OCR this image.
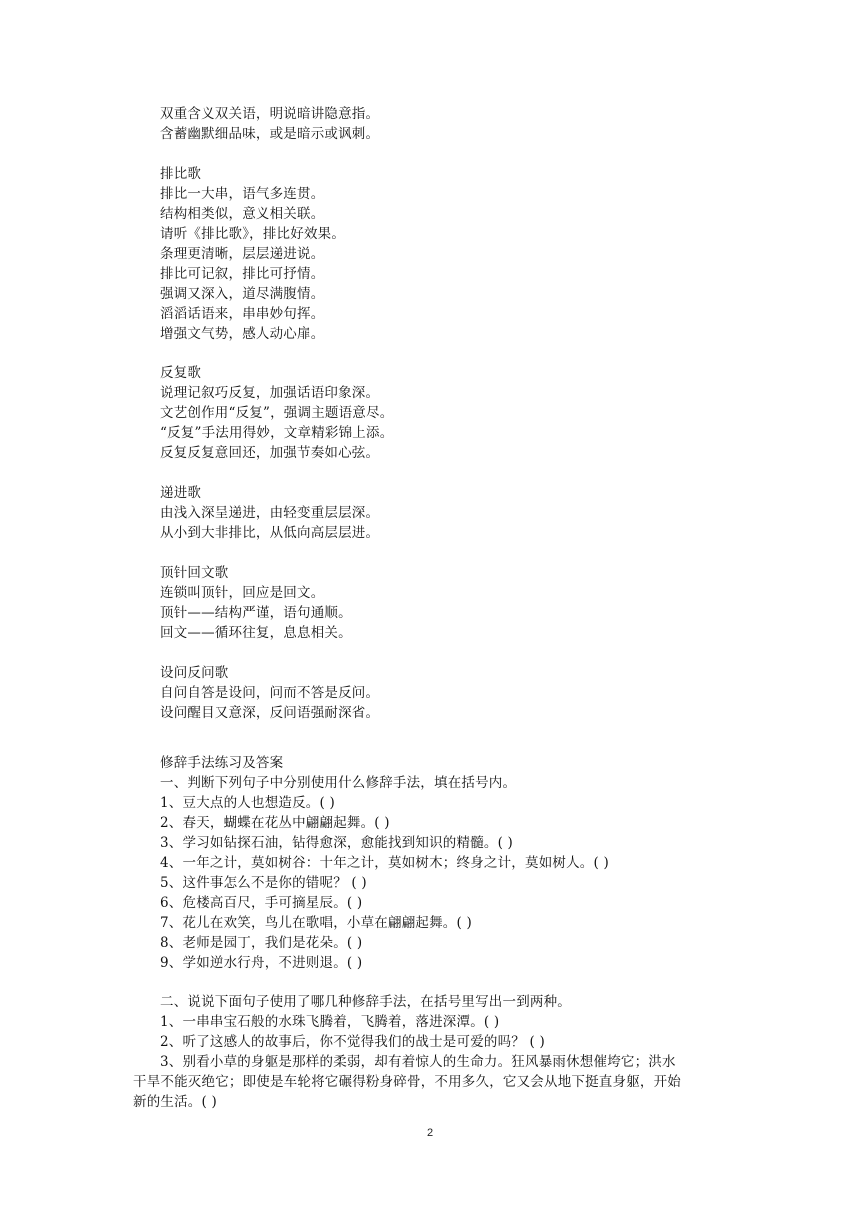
双重含义双关语，明说暗讲隐意指。
含蓄幽默细品味，或是暗示或讽刺。
排比歌
排比一大串，语气多连贯。
结构相类似，意义相关联。
请听《排比歌》，排比好效果。
条理更清晰，层层递进说。
排比可记叙，排比可抒情。
强调又深入，道尽满腹情。
滔滔话语来，串串妙句挥。
增强文气势，感人动心扉。
反复歌
说理记叙巧反复，加强话语印象深。
文艺创作用“反复”，强调主题语意尽。
“反复”手法用得妙，文章精彩锦上添。
反复反复意回还，加强节奏如心弦。
递进歌
由浅入深呈递进，由轻变重层层深。
从小到大非排比，从低向高层层进。
顶针回文歌
连锁叫顶针，回应是回文。
顶针——结构严谨，语句通顺。
回文——循环往复，息息相关。
设问反问歌
自问自答是设问，问而不答是反问。
设问醒目又意深，反问语强耐深省。
修辞手法练习及答案
一、判断下列句子中分别使用什么修辞手法，填在括号内。
1、豆大点的人也想造反。( )
2、春天，蝴蝶在花丛中翩翩起舞。( )
3、学习如钻探石油，钻得愈深，愈能找到知识的精髓。( )
4、一年之计，莫如树谷：十年之计，莫如树木；终身之计，莫如树人。( )
5、这件事怎么不是你的错呢？ ( )
6、危楼高百尺，手可摘星辰。( )
7、花儿在欢笑，鸟儿在歌唱，小草在翩翩起舞。( )
8、老师是园丁，我们是花朵。( )
9、学如逆水行舟，不进则退。( )
二、说说下面句子使用了哪几种修辞手法，在括号里写出一到两种。
1、一串串宝石般的水珠飞腾着，飞腾着，落进深潭。( )
2、听了这感人的故事后，你不觉得我们的战士是可爱的吗？ ( )
3、别看小草的身躯是那样的柔弱，却有着惊人的生命力。狂风暴雨休想催垮它；洪水
干旱不能灭绝它；即使是车轮将它碾得粉身碎骨，不用多久，它又会从地下挺直身躯，开始
新的生活。( )
2
